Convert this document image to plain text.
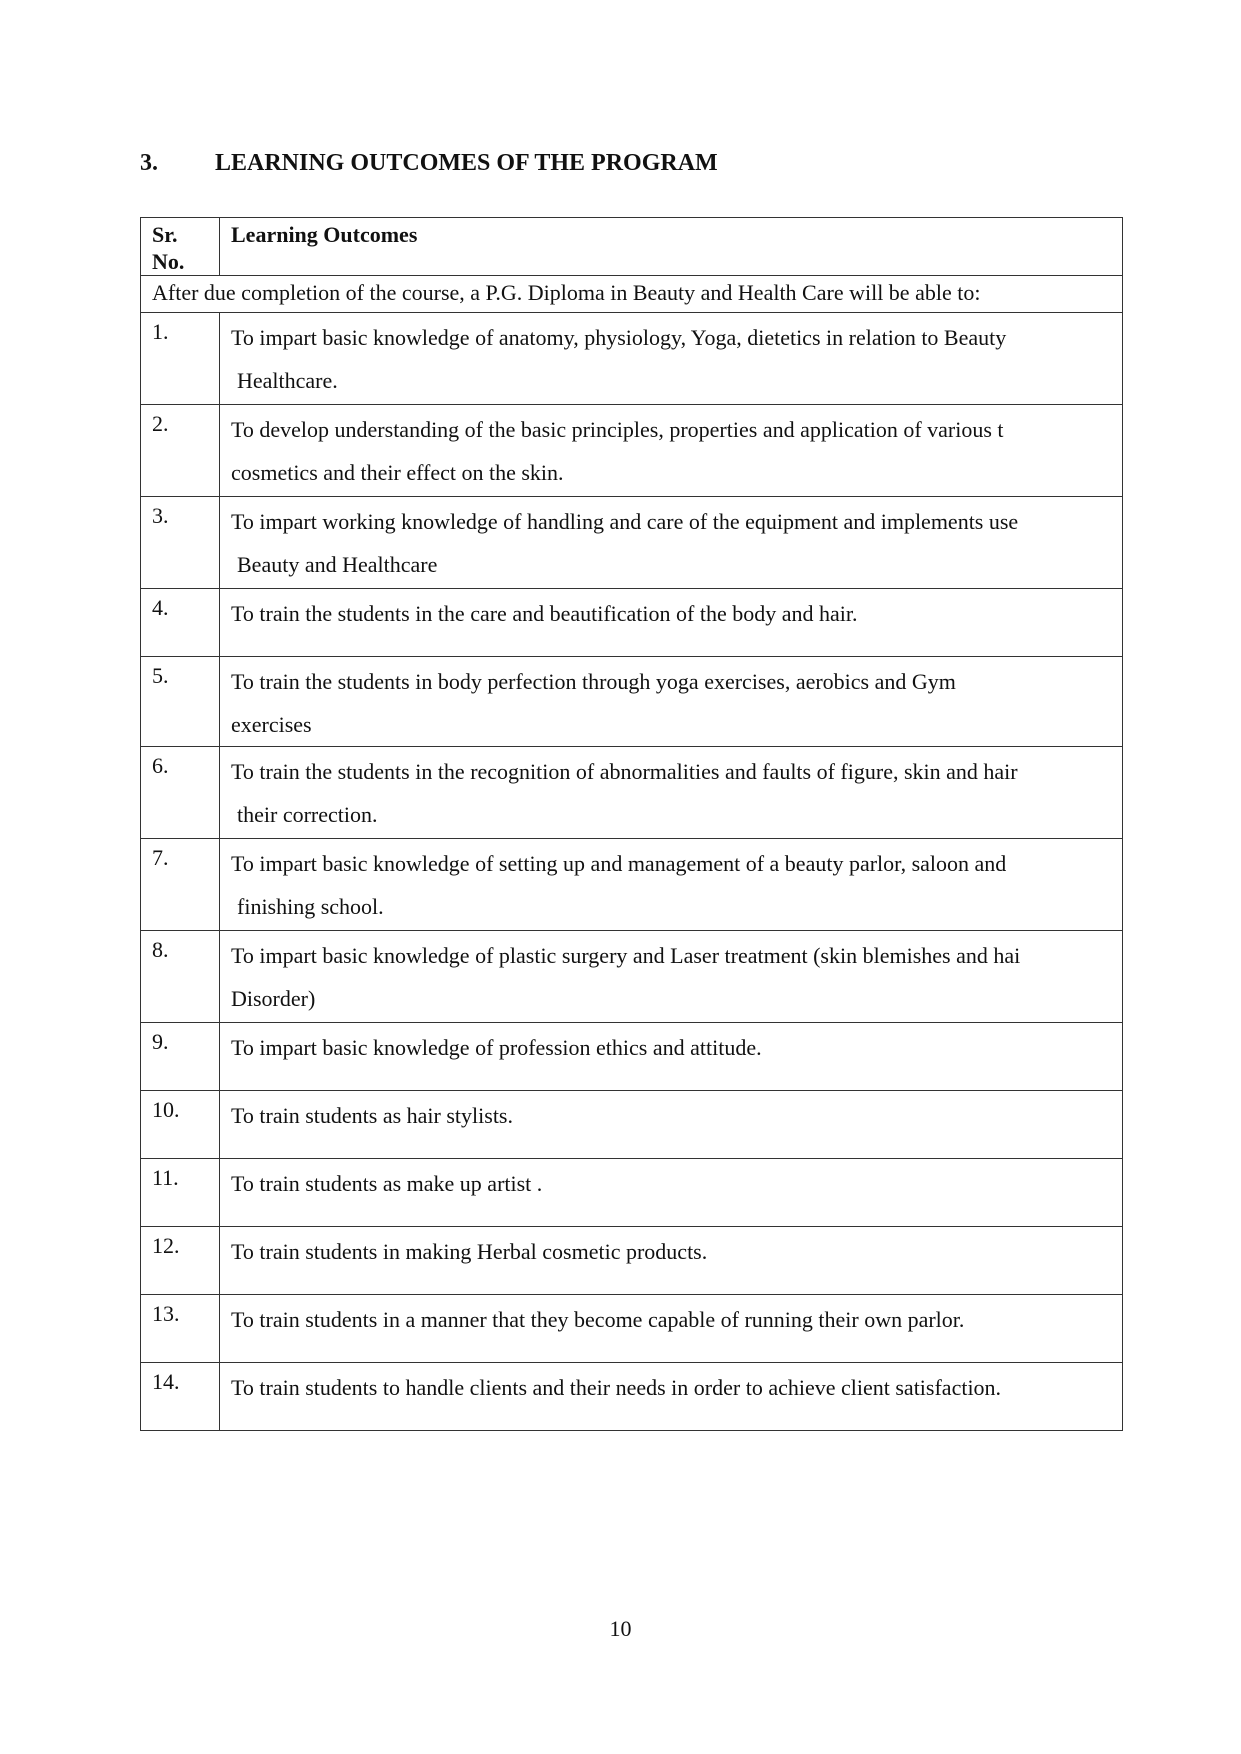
3. LEARNING OUTCOMES OF THE PROGRAM
Sr.
No.	Learning Outcomes

After due completion of the course, a P.G. Diploma in Beauty and Health Care will be able to:	

1.	To impart basic knowledge of anatomy, physiology, Yoga, dietetics in relation to Beauty
Healthcare.

2.	To develop understanding of the basic principles, properties and application of various t
cosmetics and their effect on the skin.

3.	To impart working knowledge of handling and care of the equipment and implements use
Beauty and Healthcare

4.	To train the students in the care and beautification of the body and hair.

5.	To train the students in body perfection through yoga exercises, aerobics and Gym
exercises

6.	To train the students in the recognition of abnormalities and faults of figure, skin and hair
their correction.

7.	To impart basic knowledge of setting up and management of a beauty parlor, saloon and
finishing school.

8.	To impart basic knowledge of plastic surgery and Laser treatment (skin blemishes and hai
Disorder)

9.	To impart basic knowledge of profession ethics and attitude.

10.	To train students as hair stylists.

11.	To train students as make up artist .

12.	To train students in making Herbal cosmetic products.

13.	To train students in a manner that they become capable of running their own parlor.

14.	To train students to handle clients and their needs in order to achieve client satisfaction.
10
